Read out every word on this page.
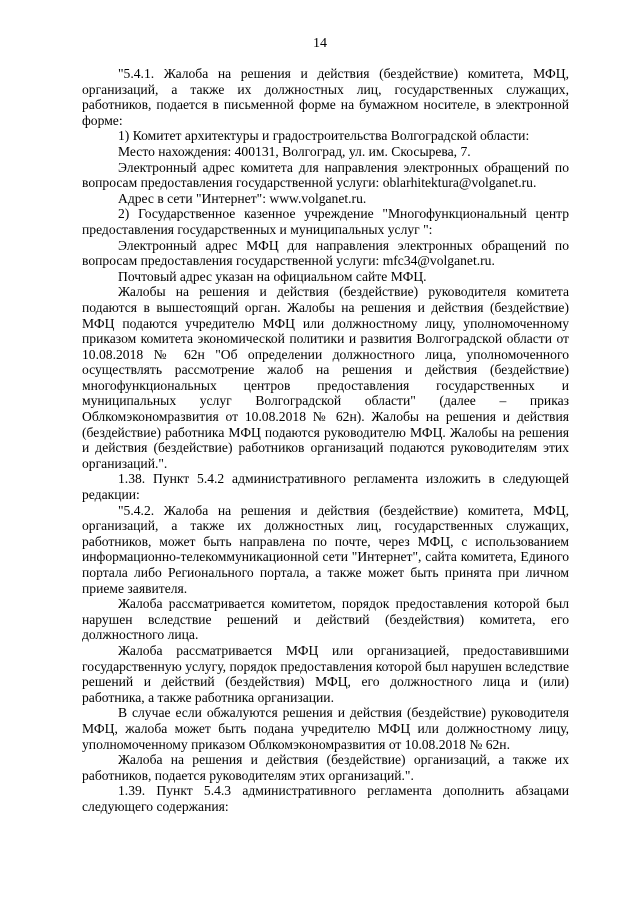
14

"5.4.1. Жалоба на решения и действия (бездействие) комитета, МФЦ, организаций, а также их должностных лиц, государственных служащих, работников, подается в письменной форме на бумажном носителе, в электронной форме:

1) Комитет архитектуры и градостроительства Волгоградской области:

Место нахождения: 400131, Волгоград, ул. им. Скосырева, 7.

Электронный адрес комитета для направления электронных обращений по вопросам предоставления государственной услуги: oblarhitektura@volganet.ru.

Адрес в сети "Интернет": www.volganet.ru.

2) Государственное казенное учреждение "Многофункциональный центр предоставления государственных и муниципальных услуг ":

Электронный адрес МФЦ для направления электронных обращений по вопросам предоставления государственной услуги: mfc34@volganet.ru.

Почтовый адрес указан на официальном сайте МФЦ.

Жалобы на решения и действия (бездействие) руководителя комитета подаются в вышестоящий орган. Жалобы на решения и действия (бездействие) МФЦ подаются учредителю МФЦ или должностному лицу, уполномоченному приказом комитета экономической политики и развития Волгоградской области от 10.08.2018 № 62н "Об определении должностного лица, уполномоченного осуществлять рассмотрение жалоб на решения и действия (бездействие) многофункциональных центров предоставления государственных и муниципальных услуг Волгоградской области" (далее – приказ Облкомэкономразвития от 10.08.2018 № 62н). Жалобы на решения и действия (бездействие) работника МФЦ подаются руководителю МФЦ. Жалобы на решения и действия (бездействие) работников организаций подаются руководителям этих организаций.".

1.38. Пункт 5.4.2 административного регламента изложить в следующей редакции:

"5.4.2. Жалоба на решения и действия (бездействие) комитета, МФЦ, организаций, а также их должностных лиц, государственных служащих, работников, может быть направлена по почте, через МФЦ, с использованием информационно-телекоммуникационной сети "Интернет", сайта комитета, Единого портала либо Регионального портала, а также может быть принята при личном приеме заявителя.

Жалоба рассматривается комитетом, порядок предоставления которой был нарушен вследствие решений и действий (бездействия) комитета, его должностного лица.

Жалоба рассматривается МФЦ или организацией, предоставившими государственную услугу, порядок предоставления которой был нарушен вследствие решений и действий (бездействия) МФЦ, его должностного лица и (или) работника, а также работника организации.

В случае если обжалуются решения и действия (бездействие) руководителя МФЦ, жалоба может быть подана учредителю МФЦ или должностному лицу, уполномоченному приказом Облкомэкономразвития от 10.08.2018 № 62н.

Жалоба на решения и действия (бездействие) организаций, а также их работников, подается руководителям этих организаций.".

1.39. Пункт 5.4.3 административного регламента дополнить абзацами следующего содержания:
